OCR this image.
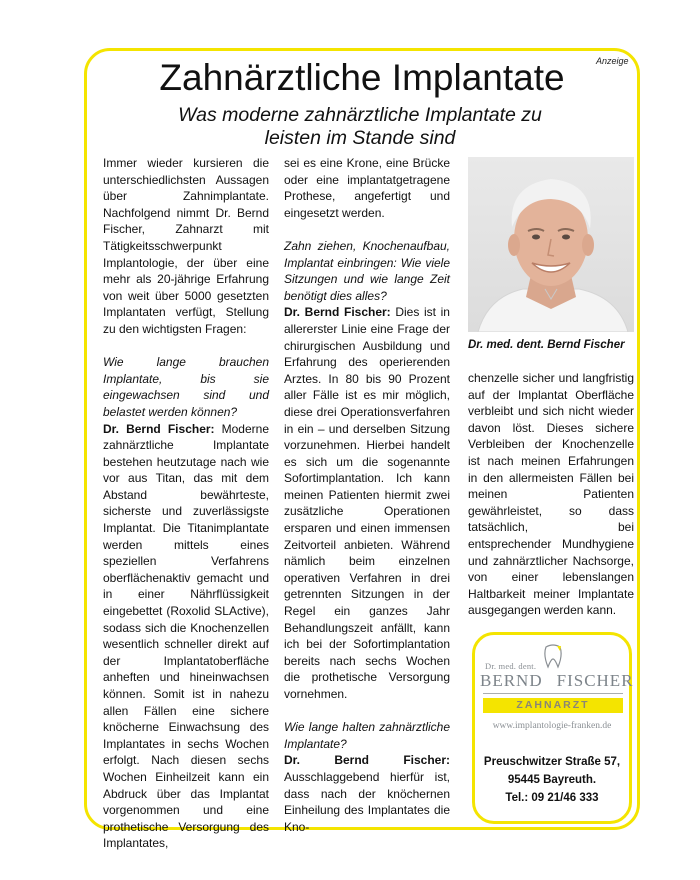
Anzeige
Zahnärztliche Implantate
Was moderne zahnärztliche Implantate zu
leisten im Stande sind

Immer wieder kursieren die unterschiedlichsten Aussagen über Zahnimplantate. Nachfolgend nimmt Dr. Bernd Fischer, Zahnarzt mit Tätigkeitsschwerpunkt Implantologie, der über eine mehr als 20-jährige Erfahrung von weit über 5000 gesetzten Implantaten verfügt, Stellung zu den wichtigsten Fragen:

Wie lange brauchen Implantate, bis sie eingewachsen sind und belastet werden können?

Dr. Bernd Fischer: Moderne zahnärztliche Implantate bestehen heutzutage nach wie vor aus Titan, das mit dem Abstand bewährteste, sicherste und zuverlässigste Implantat. Die Titanimplantate werden mittels eines speziellen Verfahrens oberflächenaktiv gemacht und in einer Nährflüssigkeit eingebettet (Roxolid SLActive), sodass sich die Knochenzellen wesentlich schneller direkt auf der Implantatoberfläche anheften und hineinwachsen können. Somit ist in nahezu allen Fällen eine sichere knöcherne Einwachsung des Implantates in sechs Wochen erfolgt. Nach diesen sechs Wochen Einheilzeit kann ein Abdruck über das Implantat vorgenommen und eine prothetische Versorgung des Implantates,

sei es eine Krone, eine Brücke oder eine implantatgetragene Prothese, angefertigt und eingesetzt werden.

Zahn ziehen, Knochenaufbau, Implantat einbringen: Wie viele Sitzungen und wie lange Zeit benötigt dies alles?

Dr. Bernd Fischer: Dies ist in allererster Linie eine Frage der chirurgischen Ausbildung und Erfahrung des operierenden Arztes. In 80 bis 90 Prozent aller Fälle ist es mir möglich, diese drei Operationsverfahren in ein – und derselben Sitzung vorzunehmen. Hierbei handelt es sich um die sogenannte Sofortimplantation. Ich kann meinen Patienten hiermit zwei zusätzliche Operationen ersparen und einen immensen Zeitvorteil anbieten. Während nämlich beim einzelnen operativen Verfahren in drei getrennten Sitzungen in der Regel ein ganzes Jahr Behandlungszeit anfällt, kann ich bei der Sofortimplantation bereits nach sechs Wochen die prothetische Versorgung vornehmen.

Wie lange halten zahnärztliche Implantate?

Dr. Bernd Fischer: Ausschlaggebend hierfür ist, dass nach der knöchernen Einheilung des Implantates die Kno-

Dr. med. dent. Bernd Fischer

chenzelle sicher und langfristig auf der Implantat Oberfläche verbleibt und sich nicht wieder davon löst. Dieses sichere Verbleiben der Knochenzelle ist nach meinen Erfahrungen in den allermeisten Fällen bei meinen Patienten gewährleistet, so dass tatsächlich, bei entsprechender Mundhygiene und zahnärztlicher Nachsorge, von einer lebenslangen Haltbarkeit meiner Implantate ausgegangen werden kann.

Dr. med. dent.
BERND FISCHER
ZAHNARZT
www.implantologie-franken.de
Preuschwitzer Straße 57,
95445 Bayreuth.
Tel.: 09 21/46 333
